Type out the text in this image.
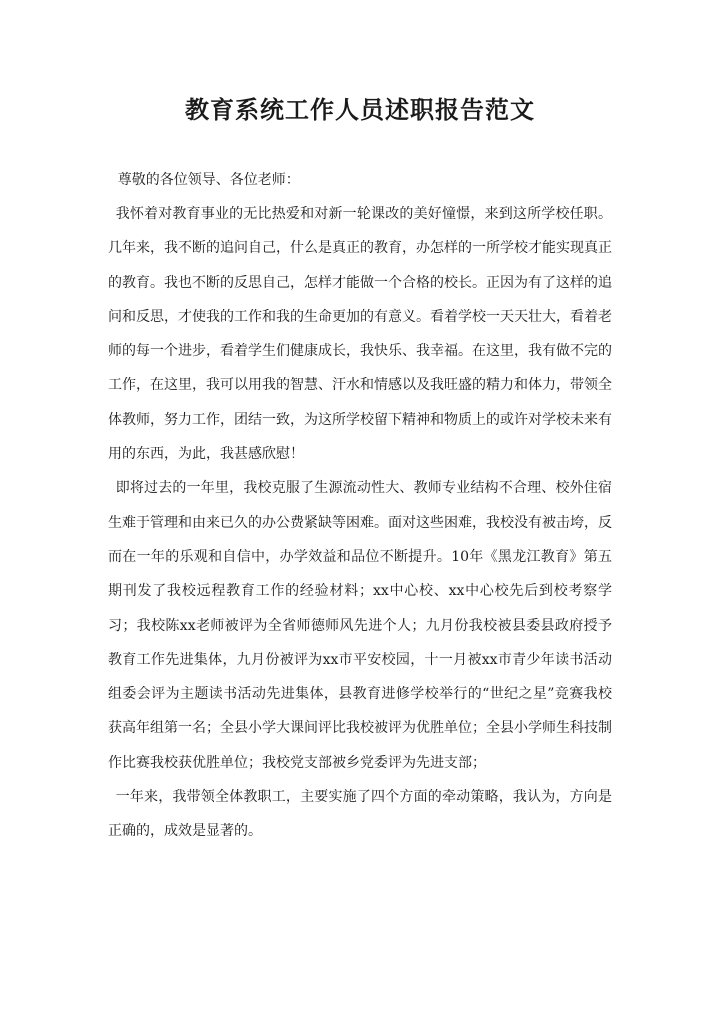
教育系统工作人员述职报告范文

尊敬的各位领导、各位老师：

我怀着对教育事业的无比热爱和对新一轮课改的美好憧憬，来到这所学校任职。几年来，我不断的追问自己，什么是真正的教育，办怎样的一所学校才能实现真正的教育。我也不断的反思自己，怎样才能做一个合格的校长。正因为有了这样的追问和反思，才使我的工作和我的生命更加的有意义。看着学校一天天壮大，看着老师的每一个进步，看着学生们健康成长，我快乐、我幸福。在这里，我有做不完的工作，在这里，我可以用我的智慧、汗水和情感以及我旺盛的精力和体力，带领全体教师，努力工作，团结一致，为这所学校留下精神和物质上的或许对学校未来有用的东西，为此，我甚感欣慰！

即将过去的一年里，我校克服了生源流动性大、教师专业结构不合理、校外住宿生难于管理和由来已久的办公费紧缺等困难。面对这些困难，我校没有被击垮，反而在一年的乐观和自信中，办学效益和品位不断提升。10年《黑龙江教育》第五期刊发了我校远程教育工作的经验材料；xx中心校、xx中心校先后到校考察学习；我校陈xx老师被评为全省师德师风先进个人；九月份我校被县委县政府授予教育工作先进集体，九月份被评为xx市平安校园，十一月被xx市青少年读书活动组委会评为主题读书活动先进集体，县教育进修学校举行的“世纪之星”竞赛我校获高年组第一名；全县小学大课间评比我校被评为优胜单位；全县小学师生科技制作比赛我校获优胜单位；我校党支部被乡党委评为先进支部；

一年来，我带领全体教职工，主要实施了四个方面的牵动策略，我认为，方向是正确的，成效是显著的。
